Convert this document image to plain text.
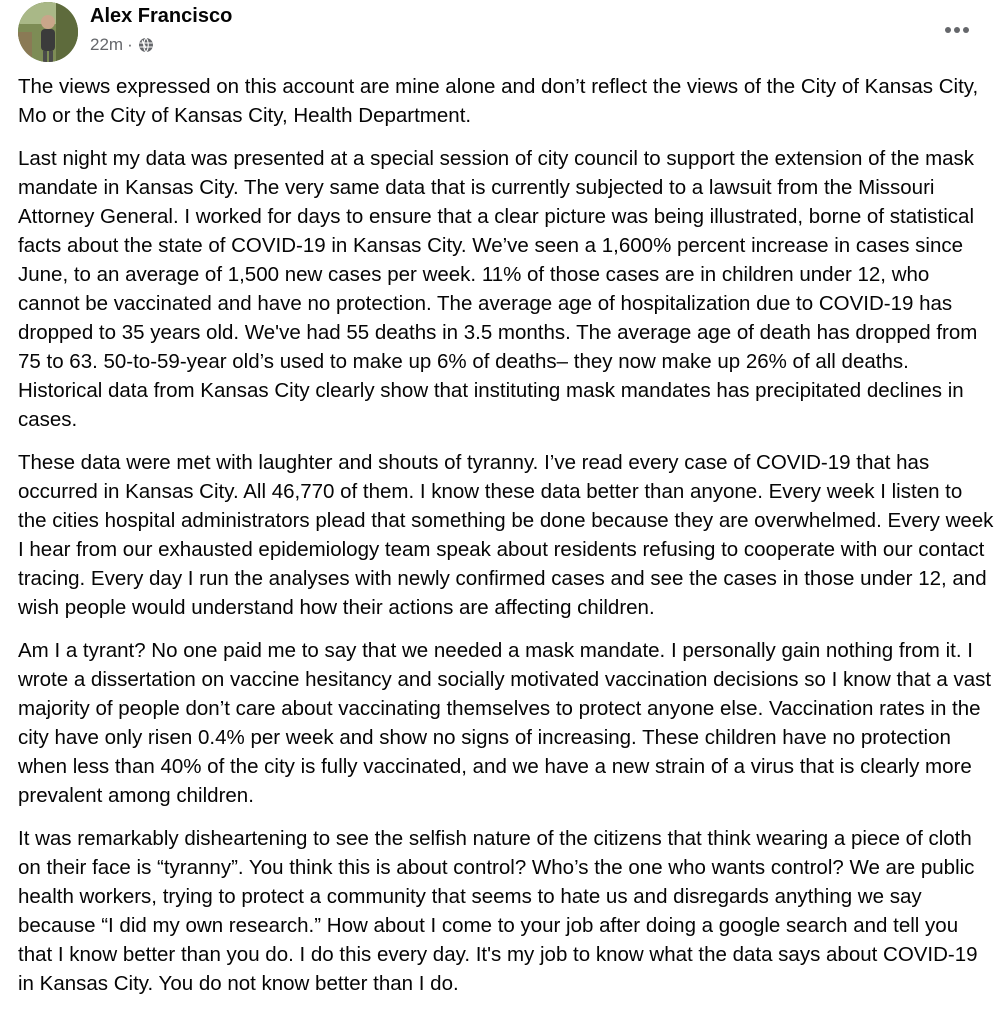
Alex Francisco
22m ·

The views expressed on this account are mine alone and don’t reflect the views of the City of Kansas City, Mo or the City of Kansas City, Health Department.

Last night my data was presented at a special session of city council to support the extension of the mask mandate in Kansas City. The very same data that is currently subjected to a lawsuit from the Missouri Attorney General. I worked for days to ensure that a clear picture was being illustrated, borne of statistical facts about the state of COVID-19 in Kansas City. We’ve seen a 1,600% percent increase in cases since June, to an average of 1,500 new cases per week. 11% of those cases are in children under 12, who cannot be vaccinated and have no protection. The average age of hospitalization due to COVID-19 has dropped to 35 years old. We've had 55 deaths in 3.5 months. The average age of death has dropped from 75 to 63. 50-to-59-year old’s used to make up 6% of deaths– they now make up 26% of all deaths. Historical data from Kansas City clearly show that instituting mask mandates has precipitated declines in cases.

These data were met with laughter and shouts of tyranny. I’ve read every case of COVID-19 that has occurred in Kansas City. All 46,770 of them. I know these data better than anyone. Every week I listen to the cities hospital administrators plead that something be done because they are overwhelmed. Every week I hear from our exhausted epidemiology team speak about residents refusing to cooperate with our contact tracing. Every day I run the analyses with newly confirmed cases and see the cases in those under 12, and wish people would understand how their actions are affecting children.

Am I a tyrant? No one paid me to say that we needed a mask mandate. I personally gain nothing from it. I wrote a dissertation on vaccine hesitancy and socially motivated vaccination decisions so I know that a vast majority of people don’t care about vaccinating themselves to protect anyone else. Vaccination rates in the city have only risen 0.4% per week and show no signs of increasing. These children have no protection when less than 40% of the city is fully vaccinated, and we have a new strain of a virus that is clearly more prevalent among children.

It was remarkably disheartening to see the selfish nature of the citizens that think wearing a piece of cloth on their face is “tyranny”. You think this is about control? Who’s the one who wants control? We are public health workers, trying to protect a community that seems to hate us and disregards anything we say because “I did my own research.” How about I come to your job after doing a google search and tell you that I know better than you do. I do this every day. It's my job to know what the data says about COVID-19 in Kansas City. You do not know better than I do.
